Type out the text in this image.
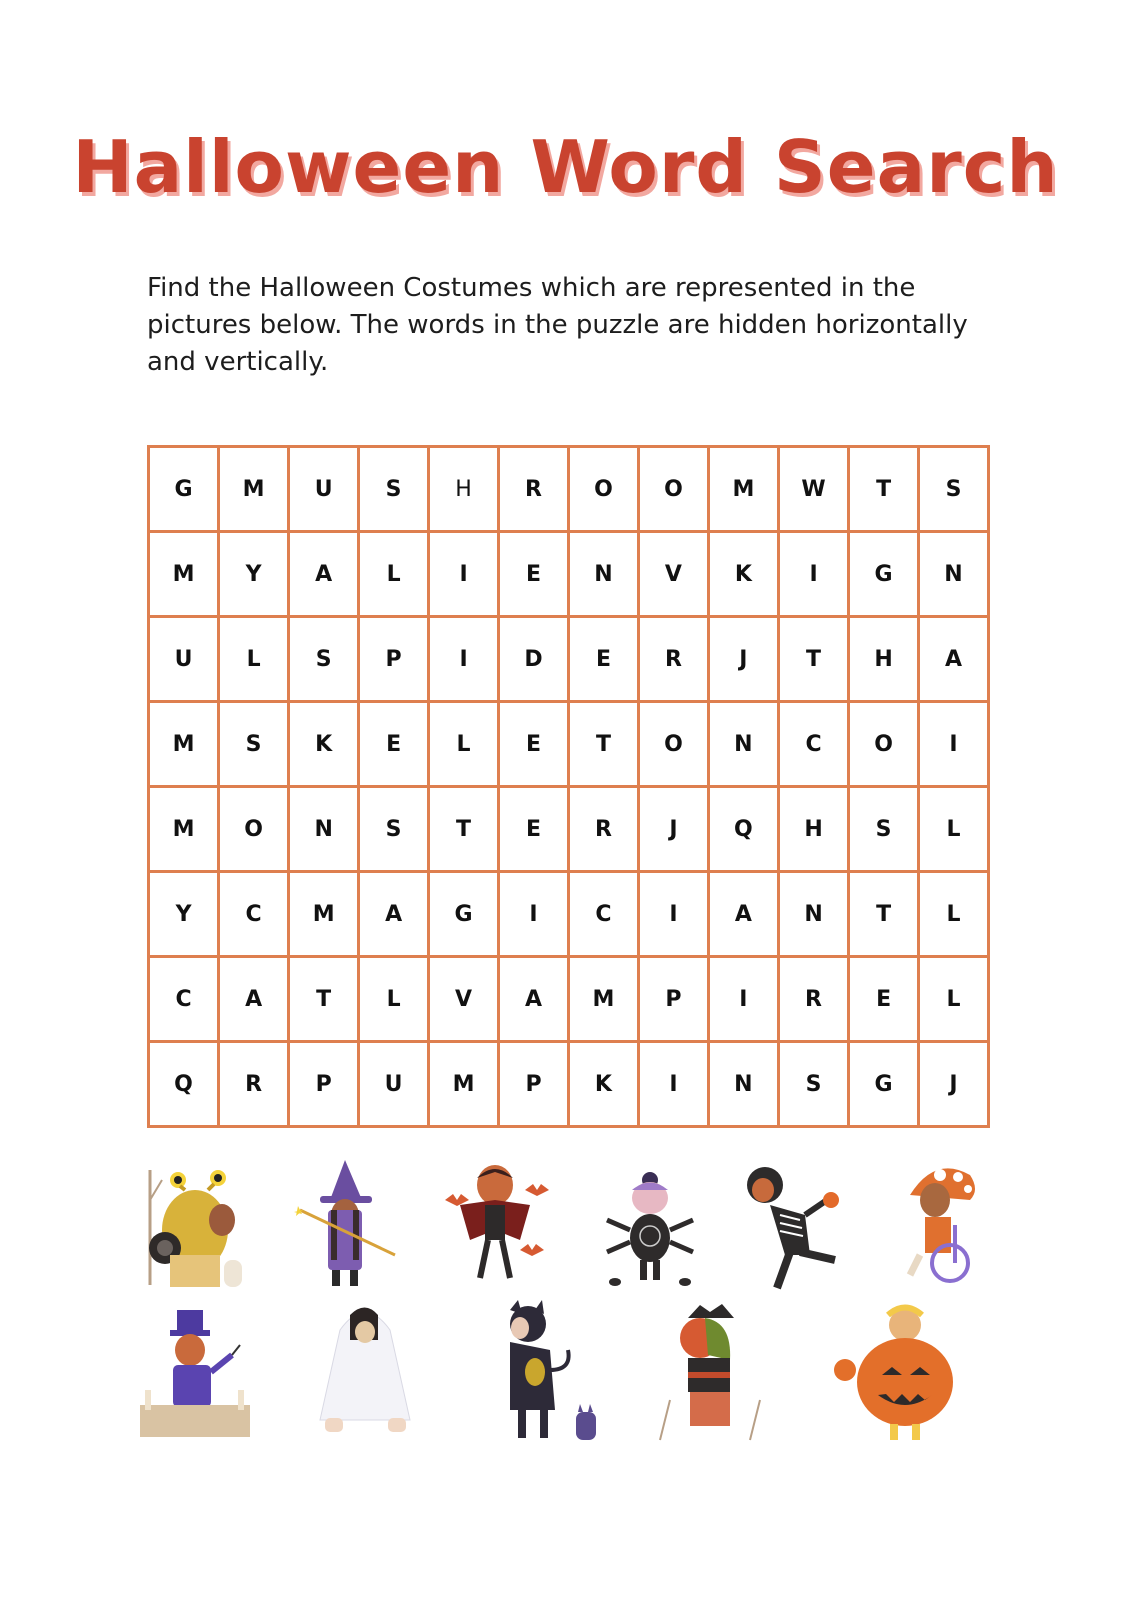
Halloween Word Search
Find the Halloween Costumes which are represented in the pictures below. The words in the puzzle are hidden horizontally and vertically.
G	M	U	S	H	R	O	O	M	W	T	S
M	Y	A	L	I	E	N	V	K	I	G	N
U	L	S	P	I	D	E	R	J	T	H	A
M	S	K	E	L	E	T	O	N	C	O	I
M	O	N	S	T	E	R	J	Q	H	S	L
Y	C	M	A	G	I	C	I	A	N	T	L
C	A	T	L	V	A	M	P	I	R	E	L
Q	R	P	U	M	P	K	I	N	S	G	J
